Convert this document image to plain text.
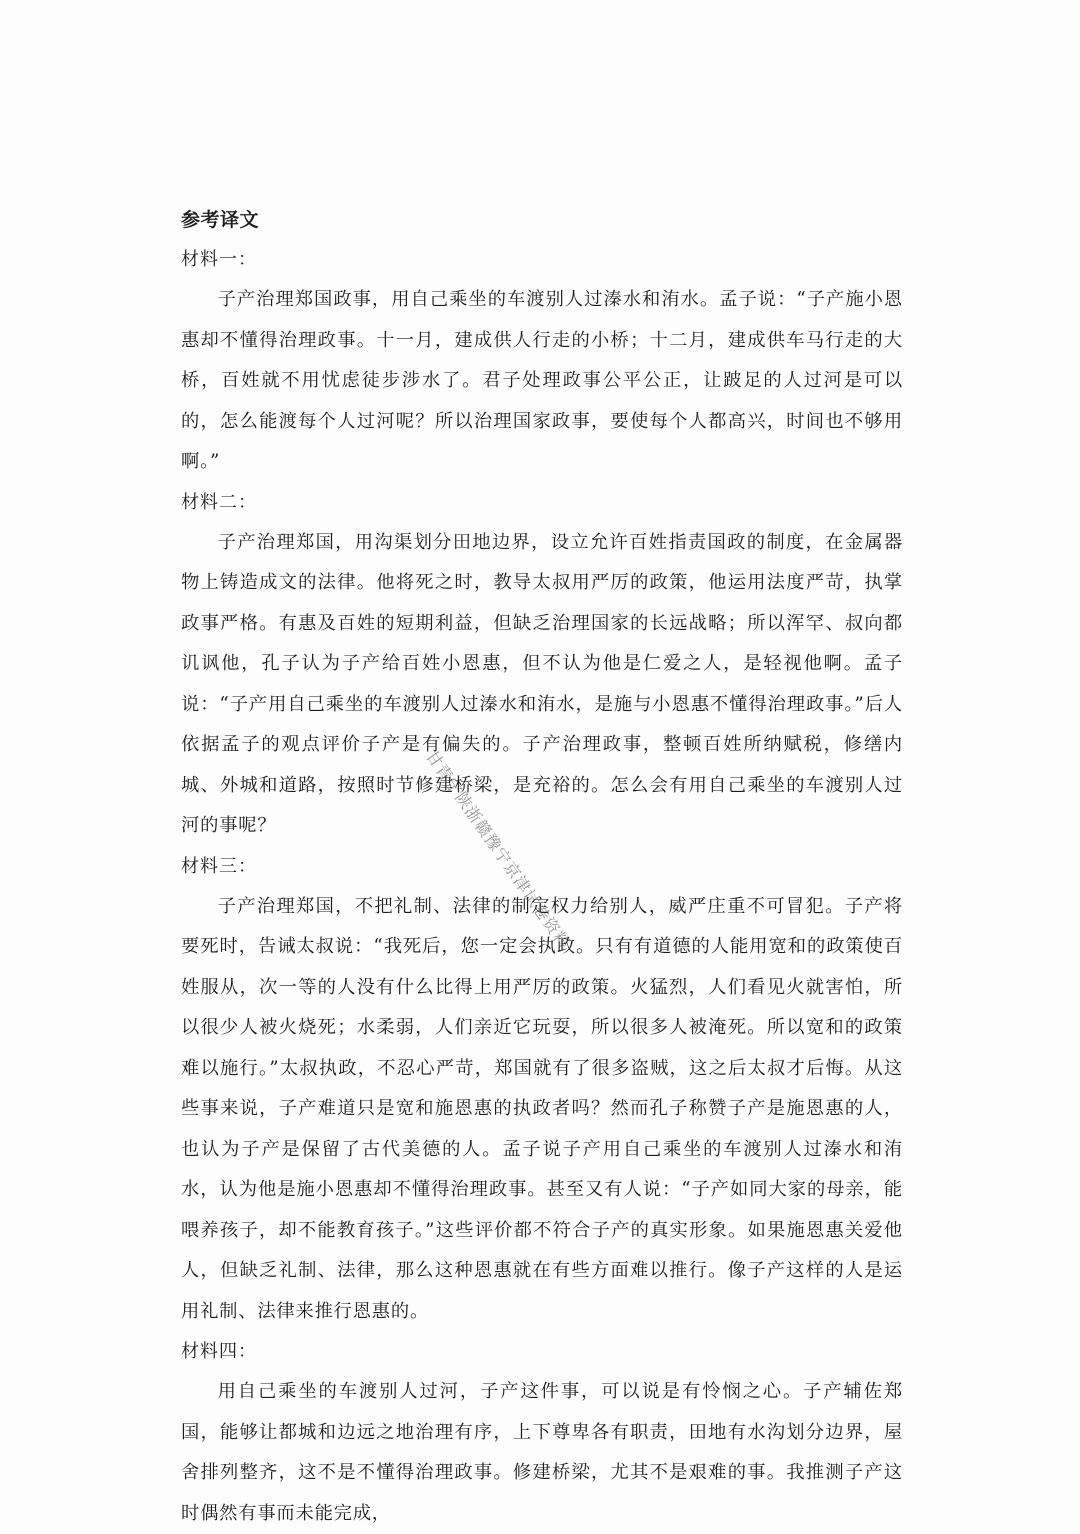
参考译文

材料一：

子产治理郑国政事，用自己乘坐的车渡别人过溱水和洧水。孟子说：“子产施小恩惠却不懂得治理政事。十一月，建成供人行走的小桥；十二月，建成供车马行走的大桥，百姓就不用忧虑徒步涉水了。君子处理政事公平公正，让跛足的人过河是可以的，怎么能渡每个人过河呢？所以治理国家政事，要使每个人都高兴，时间也不够用啊。”

材料二：

子产治理郑国，用沟渠划分田地边界，设立允许百姓指责国政的制度，在金属器物上铸造成文的法律。他将死之时，教导太叔用严厉的政策，他运用法度严苛，执掌政事严格。有惠及百姓的短期利益，但缺乏治理国家的长远战略；所以浑罕、叔向都讥讽他，孔子认为子产给百姓小恩惠，但不认为他是仁爱之人，是轻视他啊。孟子说：“子产用自己乘坐的车渡别人过溱水和洧水，是施与小恩惠不懂得治理政事。”后人依据孟子的观点评价子产是有偏失的。子产治理政事，整顿百姓所纳赋税，修缮内城、外城和道路，按照时节修建桥梁，是充裕的。怎么会有用自己乘坐的车渡别人过河的事呢？

材料三：

子产治理郑国，不把礼制、法律的制定权力给别人，威严庄重不可冒犯。子产将要死时，告诫太叔说：“我死后，您一定会执政。只有有道德的人能用宽和的政策使百姓服从，次一等的人没有什么比得上用严厉的政策。火猛烈，人们看见火就害怕，所以很少人被火烧死；水柔弱，人们亲近它玩耍，所以很多人被淹死。所以宽和的政策难以施行。”太叔执政，不忍心严苛，郑国就有了很多盗贼，这之后太叔才后悔。从这些事来说，子产难道只是宽和施恩惠的执政者吗？然而孔子称赞子产是施恩惠的人，也认为子产是保留了古代美德的人。孟子说子产用自己乘坐的车渡别人过溱水和洧水，认为他是施小恩惠却不懂得治理政事。甚至又有人说：“子产如同大家的母亲，能喂养孩子，却不能教育孩子。”这些评价都不符合子产的真实形象。如果施恩惠关爱他人，但缺乏礼制、法律，那么这种恩惠就在有些方面难以推行。像子产这样的人是运用礼制、法律来推行恩惠的。

材料四：

用自己乘坐的车渡别人过河，子产这件事，可以说是有怜悯之心。子产辅佐郑国，能够让都城和边远之地治理有序，上下尊卑各有职责，田地有水沟划分边界，屋舍排列整齐，这不是不懂得治理政事。修建桥梁，尤其不是艰难的事。我推测子产这时偶然有事而未能完成，

甘青宁陕浙赣豫宁京津试卷资料
